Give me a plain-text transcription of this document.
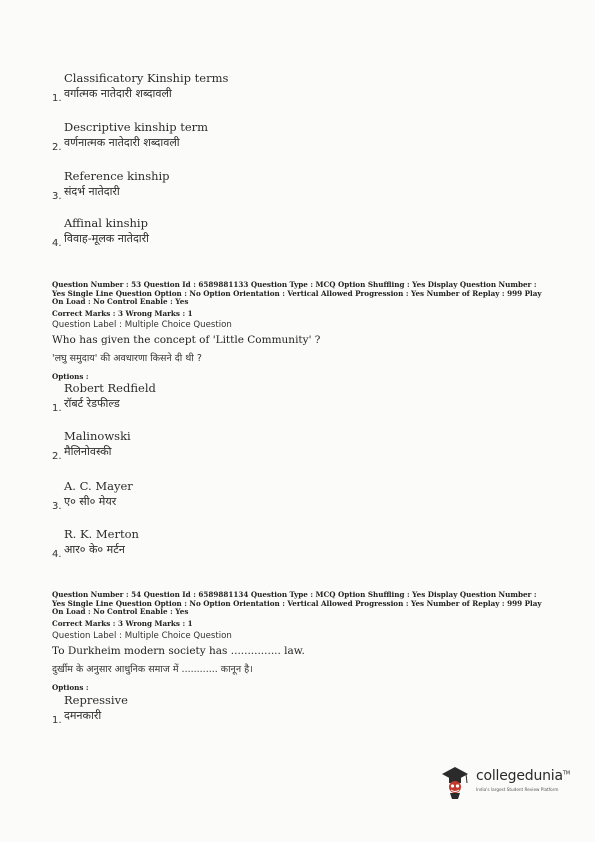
Classificatory Kinship terms
1. वर्गात्मक नातेदारी शब्दावली
Descriptive kinship term
2. वर्णनात्मक नातेदारी शब्दावली
Reference kinship
3. संदर्भ नातेदारी
Affinal kinship
4. विवाह-मूलक नातेदारी
Question Number : 53 Question Id : 6589881133 Question Type : MCQ Option Shuffling : Yes Display Question Number : Yes Single Line Question Option : No Option Orientation : Vertical Allowed Progression : Yes Number of Replay : 999 Play On Load : No Control Enable : Yes
Correct Marks : 3 Wrong Marks : 1
Question Label : Multiple Choice Question
Who has given the concept of 'Little Community' ?
'लघु समुदाय' की अवधारणा किसने दी थी ?
Options :
Robert Redfield
1. रॉबर्ट रेडफील्ड
Malinowski
2. मैलिनोवस्की
A. C. Mayer
3. ए० सी० मेयर
R. K. Merton
4. आर० के० मर्टन
Question Number : 54 Question Id : 6589881134 Question Type : MCQ Option Shuffling : Yes Display Question Number : Yes Single Line Question Option : No Option Orientation : Vertical Allowed Progression : Yes Number of Replay : 999 Play On Load : No Control Enable : Yes
Correct Marks : 3 Wrong Marks : 1
Question Label : Multiple Choice Question
To Durkheim modern society has ............... law.
दुर्खीम के अनुसार आधुनिक समाज में ............ कानून है।
Options :
Repressive
1. दमनकारी
collegedunia™
India's largest Student Review Platform
